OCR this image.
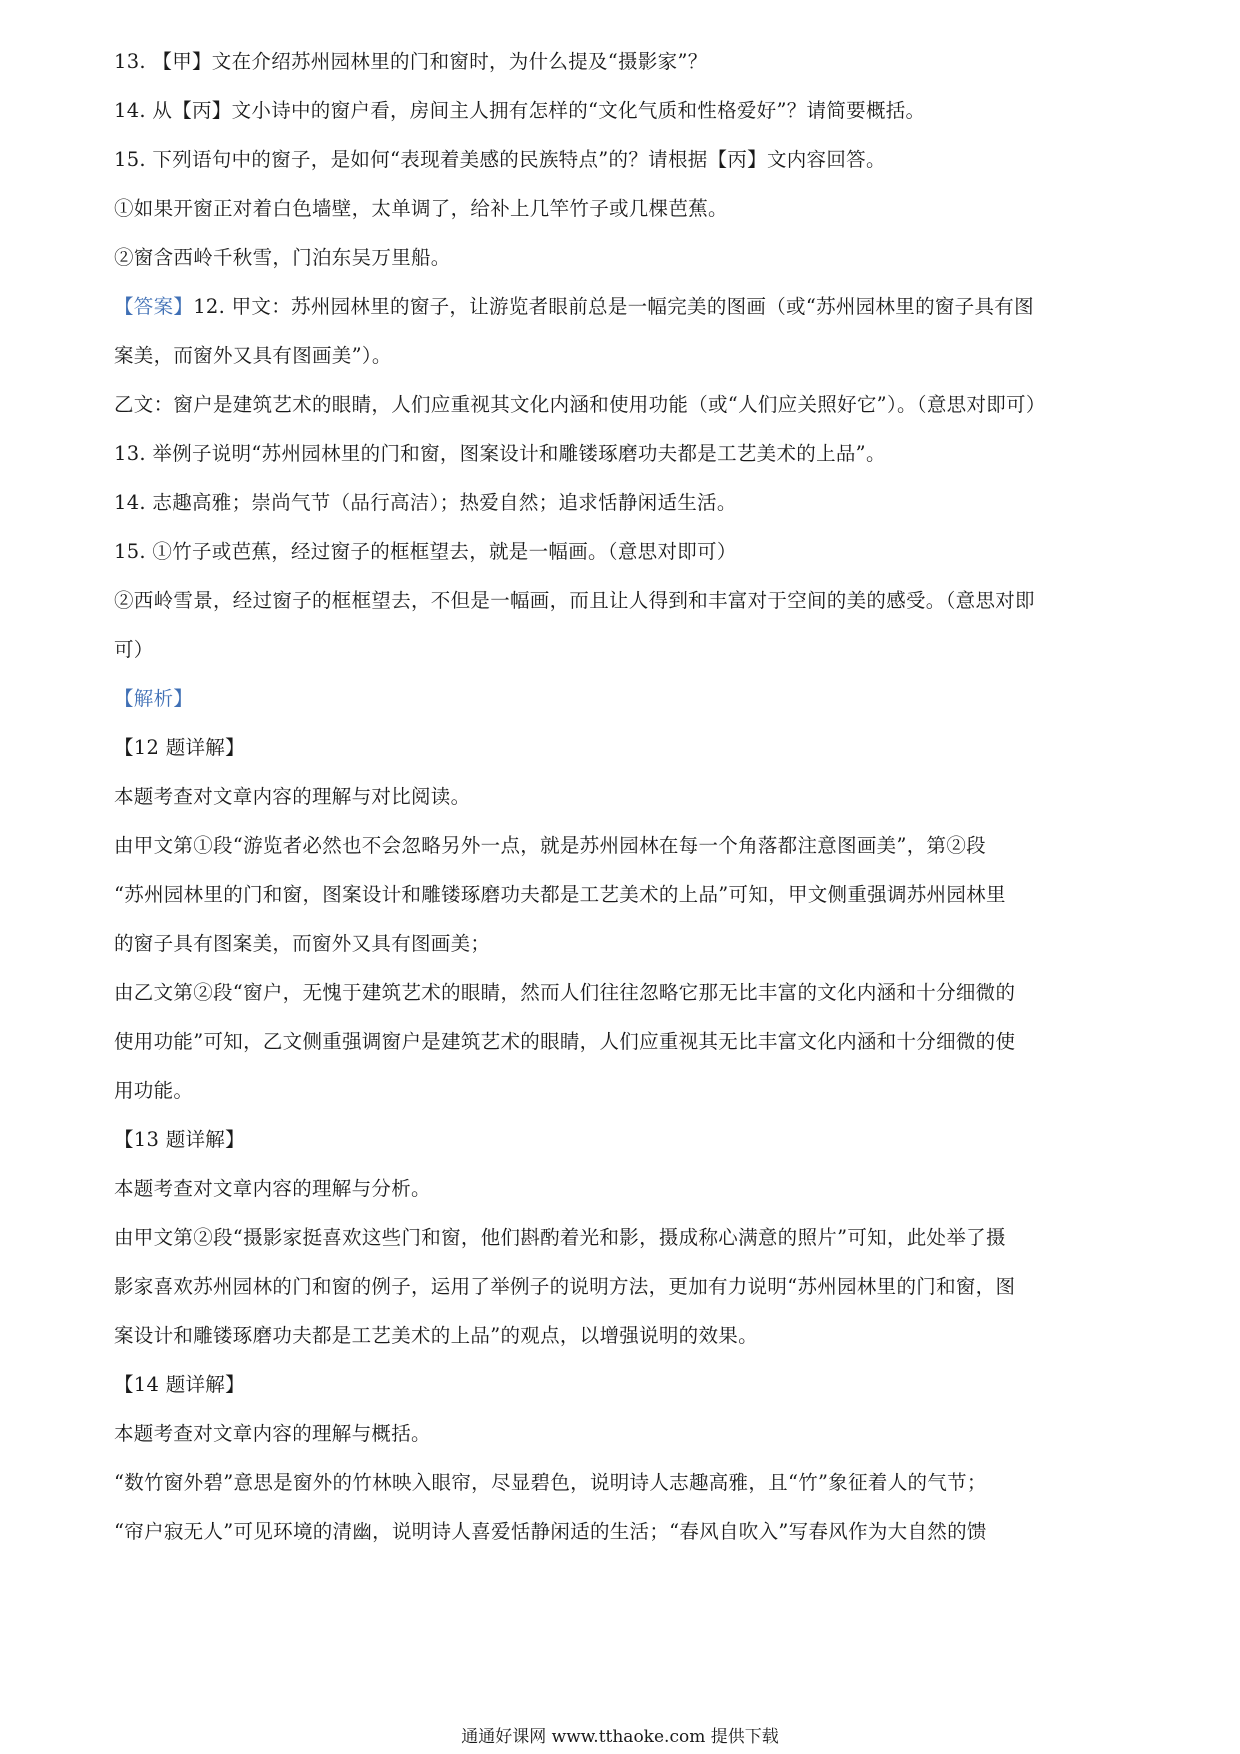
13. 【甲】文在介绍苏州园林里的门和窗时，为什么提及“摄影家”？
14. 从【丙】文小诗中的窗户看，房间主人拥有怎样的“文化气质和性格爱好”？请简要概括。
15. 下列语句中的窗子，是如何“表现着美感的民族特点”的？请根据【丙】文内容回答。
①如果开窗正对着白色墙壁，太单调了，给补上几竿竹子或几棵芭蕉。
②窗含西岭千秋雪，门泊东吴万里船。
【答案】12. 甲文：苏州园林里的窗子，让游览者眼前总是一幅完美的图画（或“苏州园林里的窗子具有图
案美，而窗外又具有图画美”）。
乙文：窗户是建筑艺术的眼睛，人们应重视其文化内涵和使用功能（或“人们应关照好它”）。（意思对即可）
13. 举例子说明“苏州园林里的门和窗，图案设计和雕镂琢磨功夫都是工艺美术的上品”。
14. 志趣高雅；崇尚气节（品行高洁）；热爱自然；追求恬静闲适生活。
15. ①竹子或芭蕉，经过窗子的框框望去，就是一幅画。（意思对即可）
②西岭雪景，经过窗子的框框望去，不但是一幅画，而且让人得到和丰富对于空间的美的感受。（意思对即
可）
【解析】
【12 题详解】
本题考查对文章内容的理解与对比阅读。
由甲文第①段“游览者必然也不会忽略另外一点，就是苏州园林在每一个角落都注意图画美”，第②段
“苏州园林里的门和窗，图案设计和雕镂琢磨功夫都是工艺美术的上品”可知，甲文侧重强调苏州园林里
的窗子具有图案美，而窗外又具有图画美；
由乙文第②段“窗户，无愧于建筑艺术的眼睛，然而人们往往忽略它那无比丰富的文化内涵和十分细微的
使用功能”可知，乙文侧重强调窗户是建筑艺术的眼睛，人们应重视其无比丰富文化内涵和十分细微的使
用功能。
【13 题详解】
本题考查对文章内容的理解与分析。
由甲文第②段“摄影家挺喜欢这些门和窗，他们斟酌着光和影，摄成称心满意的照片”可知，此处举了摄
影家喜欢苏州园林的门和窗的例子，运用了举例子的说明方法，更加有力说明“苏州园林里的门和窗，图
案设计和雕镂琢磨功夫都是工艺美术的上品”的观点，以增强说明的效果。
【14 题详解】
本题考查对文章内容的理解与概括。
“数竹窗外碧”意思是窗外的竹林映入眼帘，尽显碧色，说明诗人志趣高雅，且“竹”象征着人的气节；
“帘户寂无人”可见环境的清幽，说明诗人喜爱恬静闲适的生活；“春风自吹入”写春风作为大自然的馈
通通好课网 www.tthaoke.com 提供下载
